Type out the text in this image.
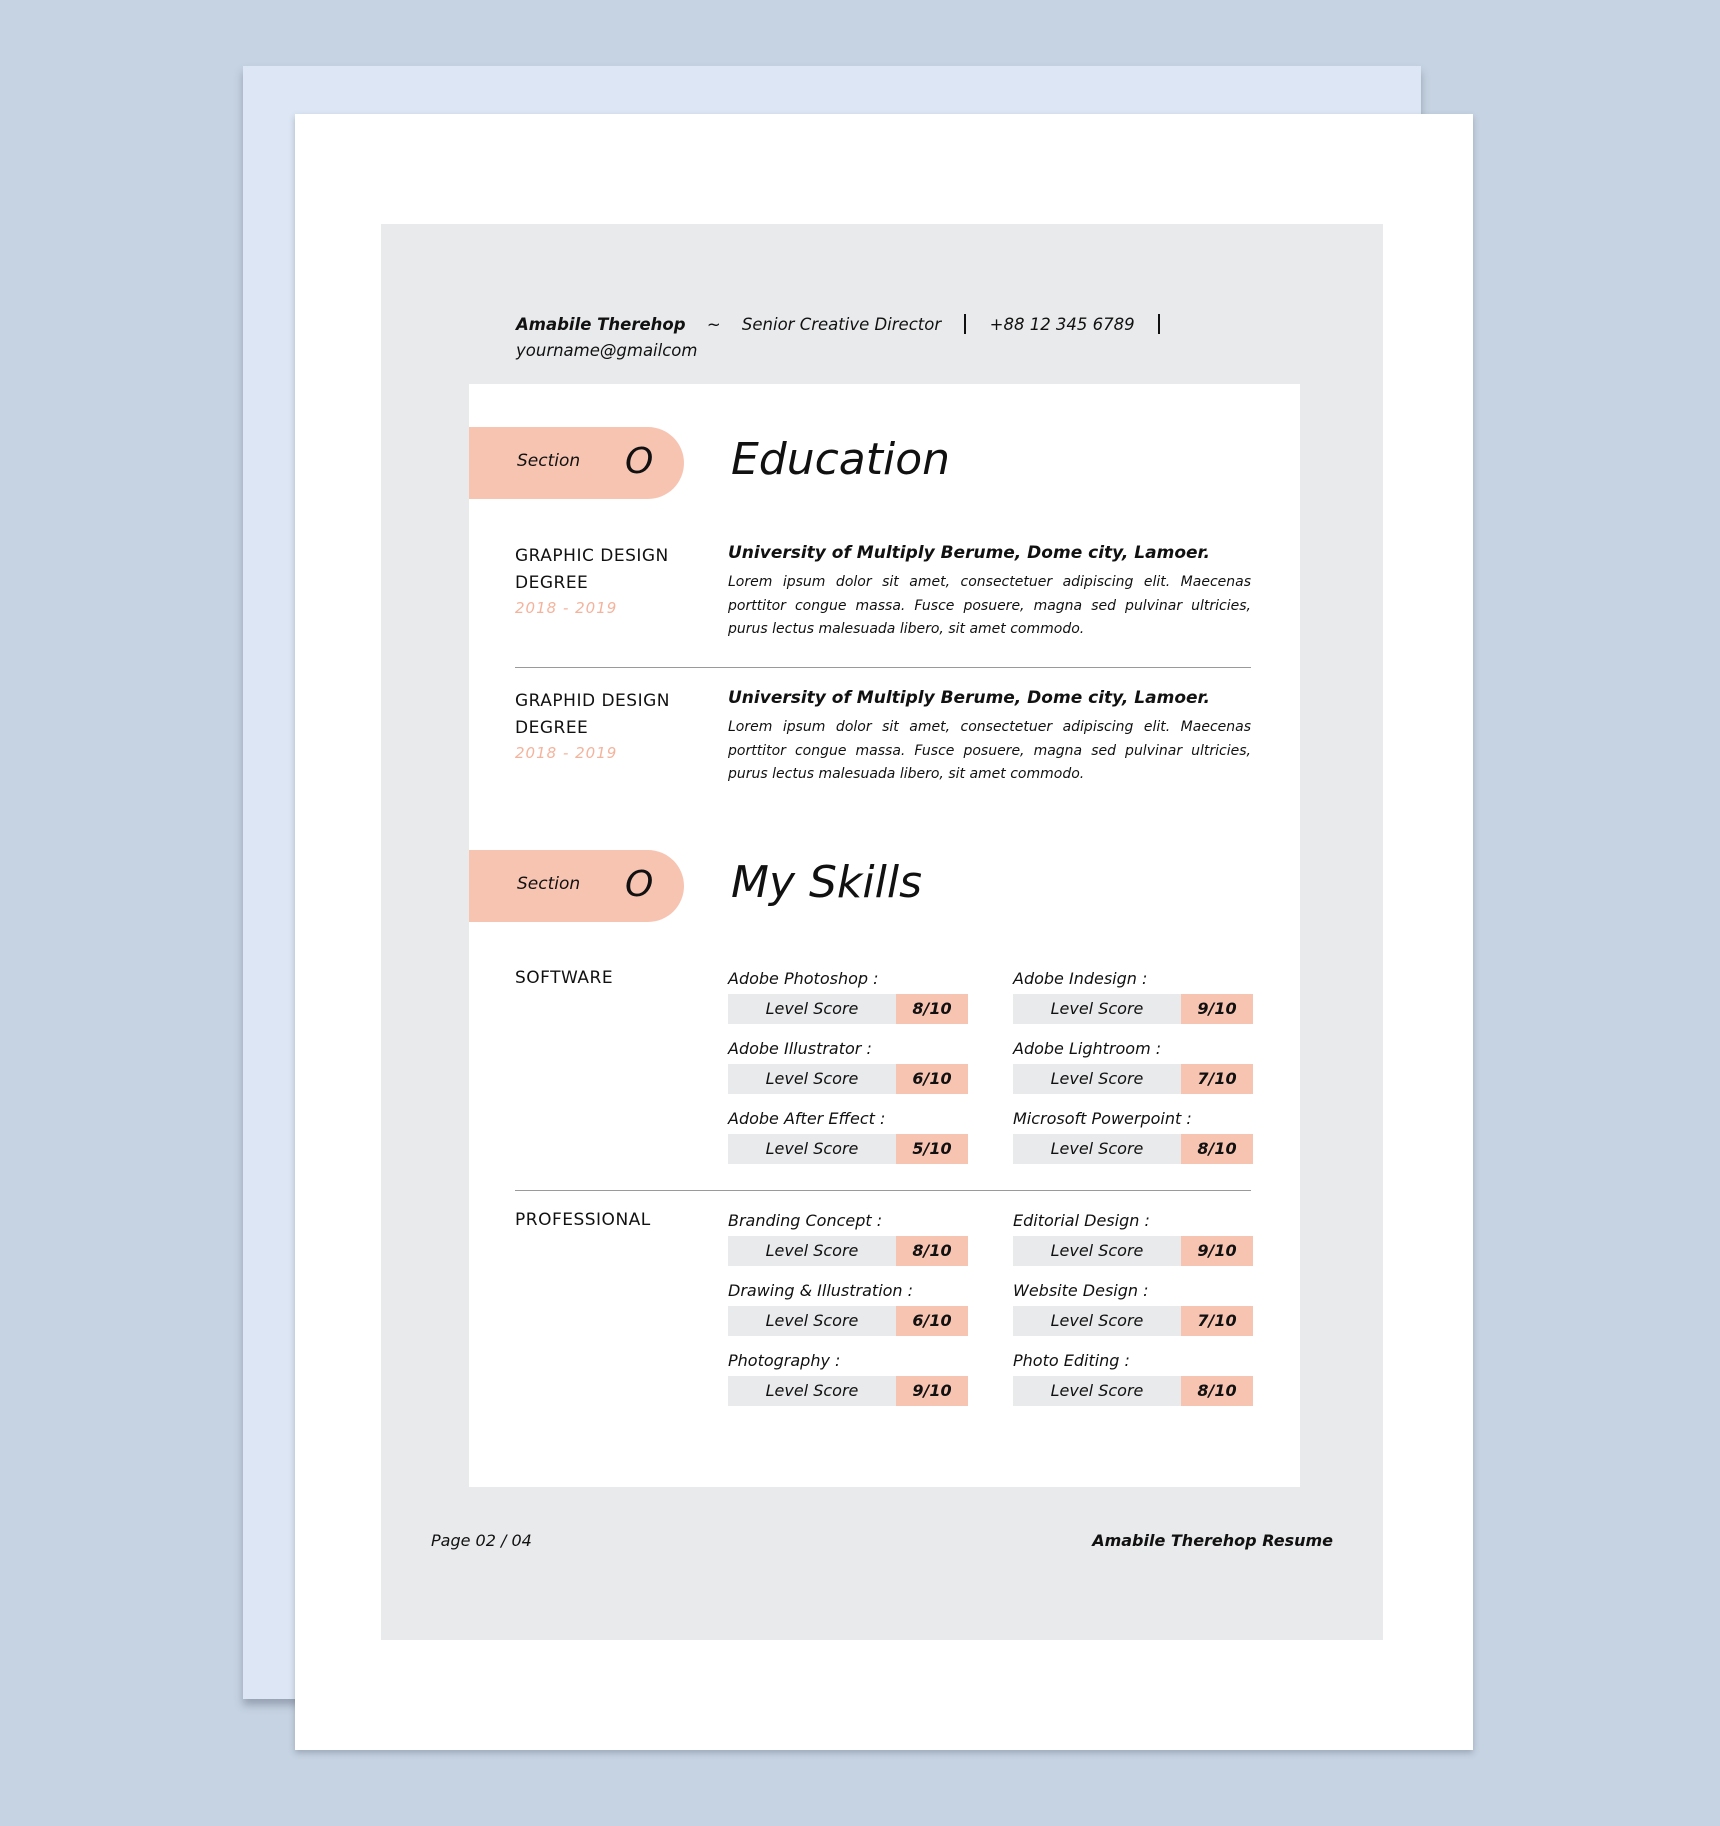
Amabile Therehop ~ Senior Creative Director	+88 12 345 6789
yourname@gmailcom
Section O Education
GRAPHIC DESIGN
DEGREE
2018 - 2019
University of Multiply Berume, Dome city, Lamoer.
Lorem ipsum dolor sit amet, consectetuer adipiscing elit. Maecenas porttitor congue massa. Fusce posuere, magna sed pulvinar ultricies, purus lectus malesuada libero, sit amet commodo.
GRAPHID DESIGN
DEGREE
2018 - 2019
University of Multiply Berume, Dome city, Lamoer.
Lorem ipsum dolor sit amet, consectetuer adipiscing elit. Maecenas porttitor congue massa. Fusce posuere, magna sed pulvinar ultricies, purus lectus malesuada libero, sit amet commodo.
Section O My Skills
SOFTWARE	Adobe Photoshop :
Level Score	8/10
Adobe Indesign :
Level Score	9/10
Adobe Illustrator :
Level Score	6/10
Adobe Lightroom :
Level Score	7/10
Adobe After Effect :
Level Score	5/10
Microsoft Powerpoint :
Level Score	8/10
PROFESSIONAL	Branding Concept :
Level Score	8/10
Editorial Design :
Level Score	9/10
Drawing & Illustration :
Level Score	6/10
Website Design :
Level Score	7/10
Photography :
Level Score	9/10
Photo Editing :
Level Score	8/10
Page 02 / 04	Amabile Therehop Resume
